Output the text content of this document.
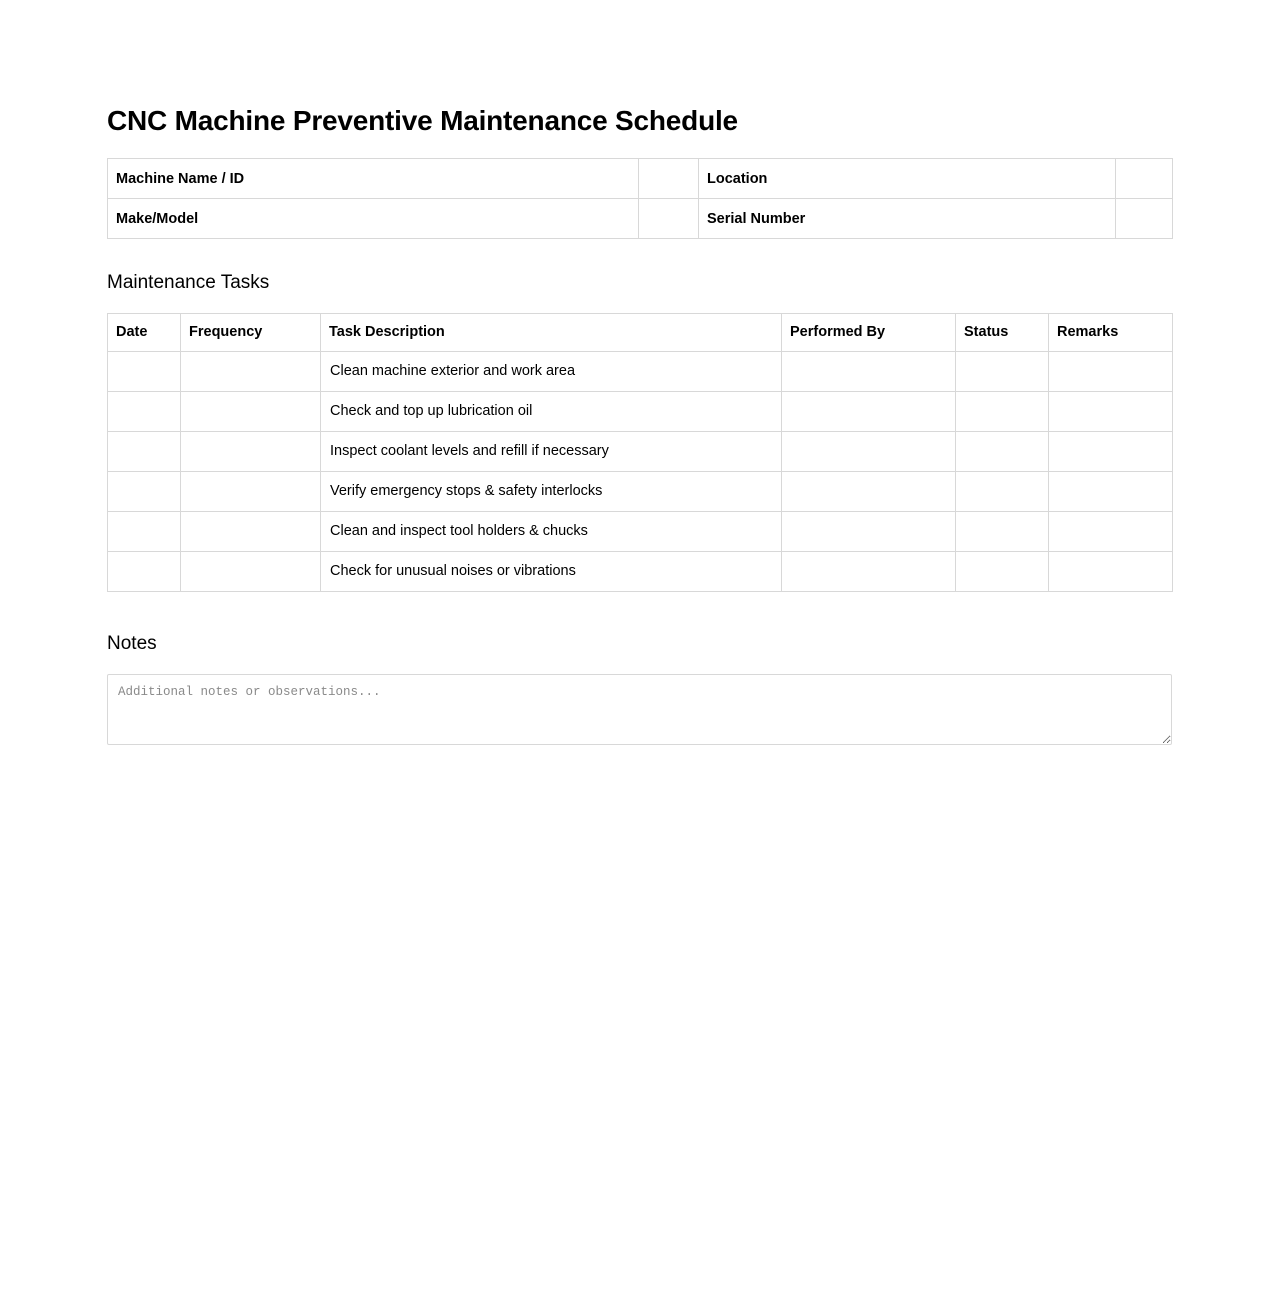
CNC Machine Preventive Maintenance Schedule
Machine Name / ID		Location	
Make/Model		Serial Number	
Maintenance Tasks
Date	Frequency	Task Description	Performed By	Status	Remarks
		Clean machine exterior and work area			
		Check and top up lubrication oil			
		Inspect coolant levels and refill if necessary			
		Verify emergency stops & safety interlocks			
		Clean and inspect tool holders & chucks			
		Check for unusual noises or vibrations			
Notes
Additional notes or observations...
